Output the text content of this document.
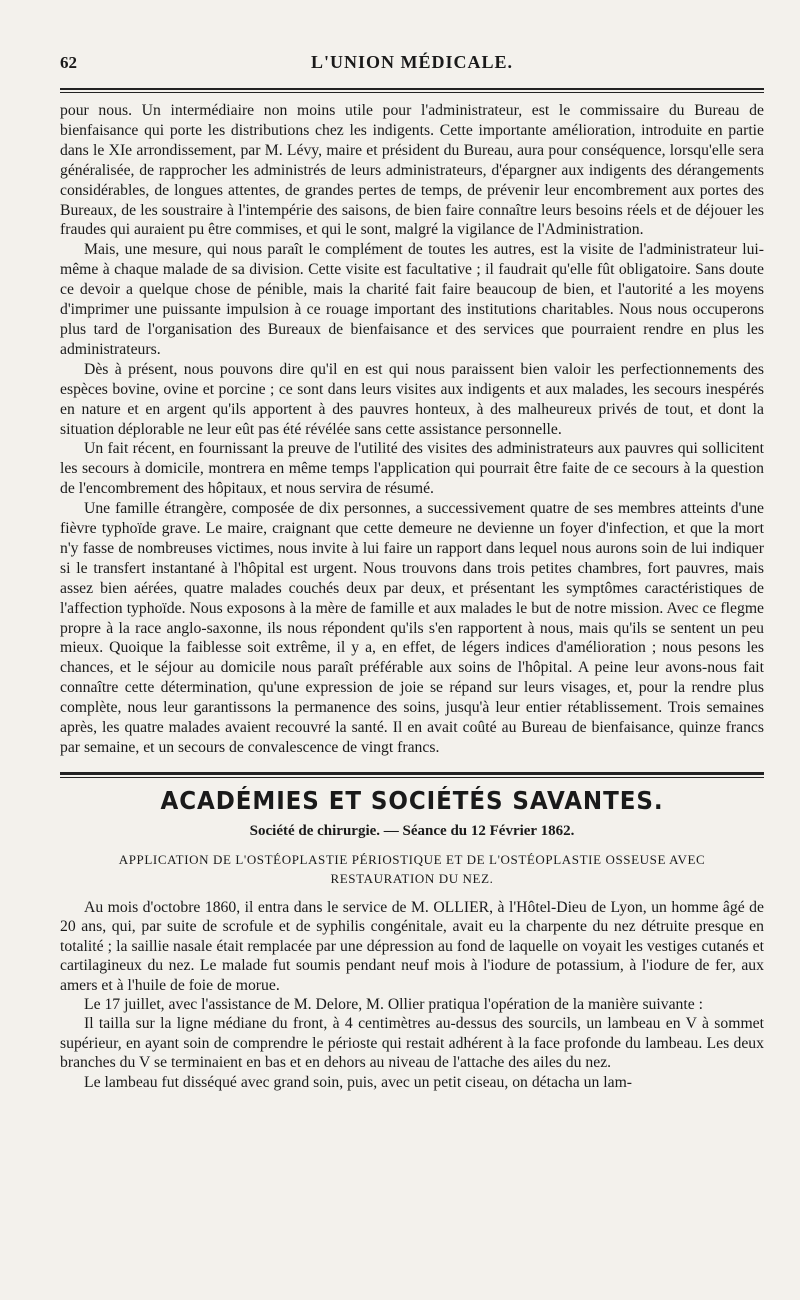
62	L'UNION MÉDICALE.

pour nous. Un intermédiaire non moins utile pour l'administrateur, est le commissaire du Bureau de bienfaisance qui porte les distributions chez les indigents. Cette importante amélioration, introduite en partie dans le XIe arrondissement, par M. Lévy, maire et président du Bureau, aura pour conséquence, lorsqu'elle sera généralisée, de rapprocher les administrés de leurs administrateurs, d'épargner aux indigents des dérangements considérables, de longues attentes, de grandes pertes de temps, de prévenir leur encombrement aux portes des Bureaux, de les soustraire à l'intempérie des saisons, de bien faire connaître leurs besoins réels et de déjouer les fraudes qui auraient pu être commises, et qui le sont, malgré la vigilance de l'Administration.

Mais, une mesure, qui nous paraît le complément de toutes les autres, est la visite de l'administrateur lui-même à chaque malade de sa division. Cette visite est facultative ; il faudrait qu'elle fût obligatoire. Sans doute ce devoir a quelque chose de pénible, mais la charité fait faire beaucoup de bien, et l'autorité a les moyens d'imprimer une puissante impulsion à ce rouage important des institutions charitables. Nous nous occuperons plus tard de l'organisation des Bureaux de bienfaisance et des services que pourraient rendre en plus les administrateurs.

Dès à présent, nous pouvons dire qu'il en est qui nous paraissent bien valoir les perfectionnements des espèces bovine, ovine et porcine ; ce sont dans leurs visites aux indigents et aux malades, les secours inespérés en nature et en argent qu'ils apportent à des pauvres honteux, à des malheureux privés de tout, et dont la situation déplorable ne leur eût pas été révélée sans cette assistance personnelle.

Un fait récent, en fournissant la preuve de l'utilité des visites des administrateurs aux pauvres qui sollicitent les secours à domicile, montrera en même temps l'application qui pourrait être faite de ce secours à la question de l'encombrement des hôpitaux, et nous servira de résumé.

Une famille étrangère, composée de dix personnes, a successivement quatre de ses membres atteints d'une fièvre typhoïde grave. Le maire, craignant que cette demeure ne devienne un foyer d'infection, et que la mort n'y fasse de nombreuses victimes, nous invite à lui faire un rapport dans lequel nous aurons soin de lui indiquer si le transfert instantané à l'hôpital est urgent. Nous trouvons dans trois petites chambres, fort pauvres, mais assez bien aérées, quatre malades couchés deux par deux, et présentant les symptômes caractéristiques de l'affection typhoïde. Nous exposons à la mère de famille et aux malades le but de notre mission. Avec ce flegme propre à la race anglo-saxonne, ils nous répondent qu'ils s'en rapportent à nous, mais qu'ils se sentent un peu mieux. Quoique la faiblesse soit extrême, il y a, en effet, de légers indices d'amélioration ; nous pesons les chances, et le séjour au domicile nous paraît préférable aux soins de l'hôpital. A peine leur avons-nous fait connaître cette détermination, qu'une expression de joie se répand sur leurs visages, et, pour la rendre plus complète, nous leur garantissons la permanence des soins, jusqu'à leur entier rétablissement. Trois semaines après, les quatre malades avaient recouvré la santé. Il en avait coûté au Bureau de bienfaisance, quinze francs par semaine, et un secours de convalescence de vingt francs.

ACADÉMIES ET SOCIÉTÉS SAVANTES.
Société de chirurgie. — Séance du 12 Février 1862.
APPLICATION DE L'OSTÉOPLASTIE PÉRIOSTIQUE ET DE L'OSTÉOPLASTIE OSSEUSE AVEC RESTAURATION DU NEZ.

Au mois d'octobre 1860, il entra dans le service de M. OLLIER, à l'Hôtel-Dieu de Lyon, un homme âgé de 20 ans, qui, par suite de scrofule et de syphilis congénitale, avait eu la charpente du nez détruite presque en totalité ; la saillie nasale était remplacée par une dépression au fond de laquelle on voyait les vestiges cutanés et cartilagineux du nez. Le malade fut soumis pendant neuf mois à l'iodure de potassium, à l'iodure de fer, aux amers et à l'huile de foie de morue.

Le 17 juillet, avec l'assistance de M. Delore, M. Ollier pratiqua l'opération de la manière suivante :

Il tailla sur la ligne médiane du front, à 4 centimètres au-dessus des sourcils, un lambeau en V à sommet supérieur, en ayant soin de comprendre le périoste qui restait adhérent à la face profonde du lambeau. Les deux branches du V se terminaient en bas et en dehors au niveau de l'attache des ailes du nez.

Le lambeau fut disséqué avec grand soin, puis, avec un petit ciseau, on détacha un lam-
